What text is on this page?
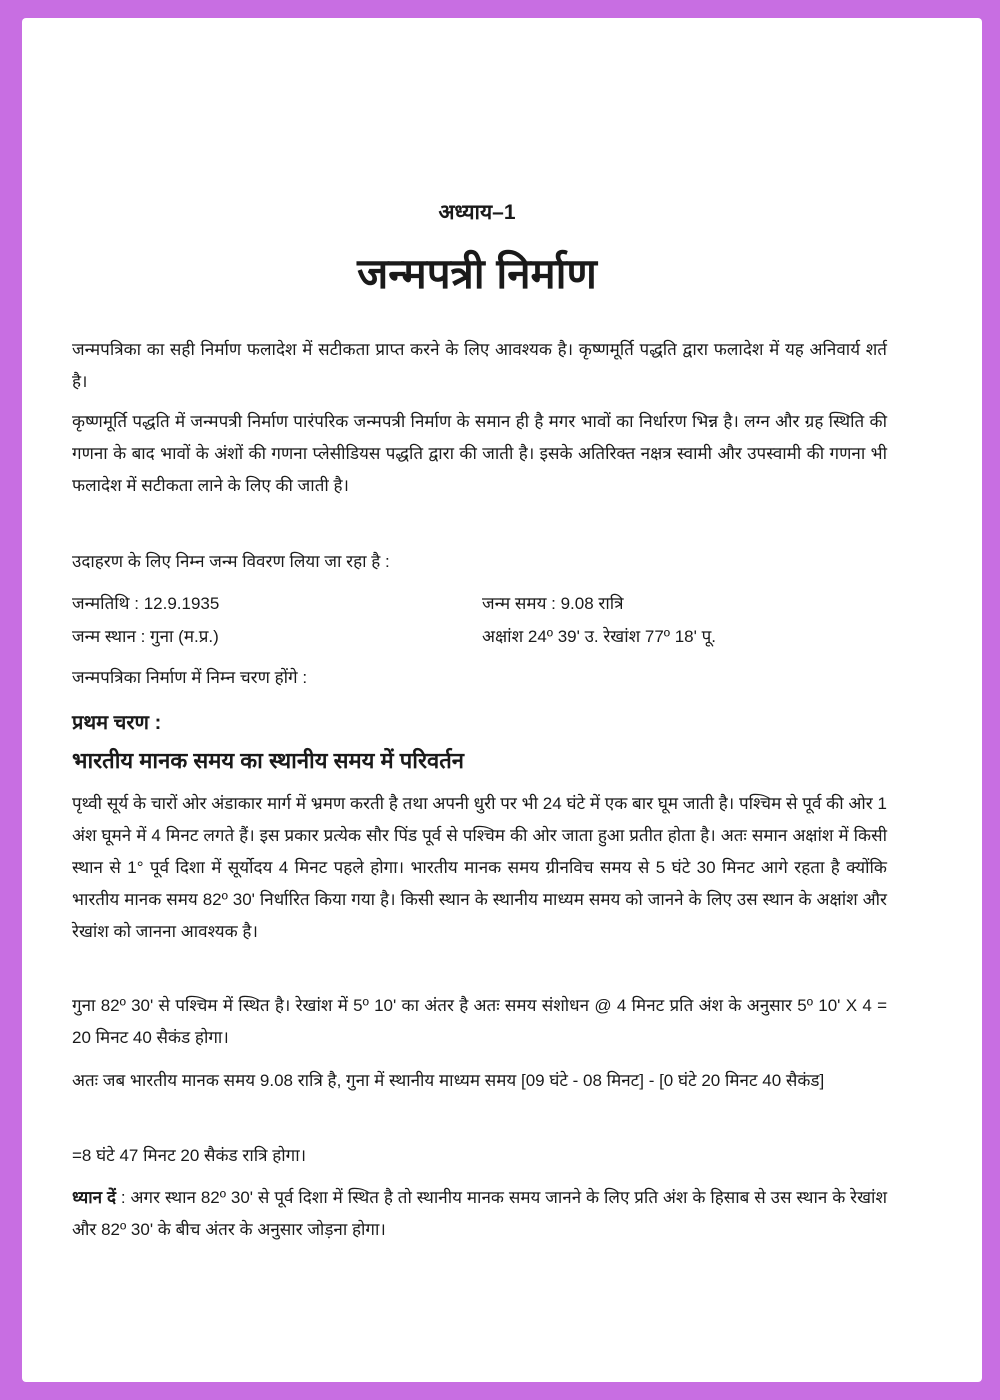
अध्याय–1
जन्मपत्री निर्माण
जन्मपत्रिका का सही निर्माण फलादेश में सटीकता प्राप्त करने के लिए आवश्यक है। कृष्णमूर्ति पद्धति द्वारा फलादेश में यह अनिवार्य शर्त है।
कृष्णमूर्ति पद्धति में जन्मपत्री निर्माण पारंपरिक जन्मपत्री निर्माण के समान ही है मगर भावों का निर्धारण भिन्न है। लग्न और ग्रह स्थिति की गणना के बाद भावों के अंशों की गणना प्लेसीडियस पद्धति द्वारा की जाती है। इसके अतिरिक्त नक्षत्र स्वामी और उपस्वामी की गणना भी फलादेश में सटीकता लाने के लिए की जाती है।
उदाहरण के लिए निम्न जन्म विवरण लिया जा रहा है :
जन्मतिथि : 12.9.1935	जन्म समय : 9.08 रात्रि
जन्म स्थान : गुना (म.प्र.)	अक्षांश 24º 39' उ. रेखांश 77º 18' पू.
जन्मपत्रिका निर्माण में निम्न चरण होंगे :
प्रथम चरण :
भारतीय मानक समय का स्थानीय समय में परिवर्तन
पृथ्वी सूर्य के चारों ओर अंडाकार मार्ग में भ्रमण करती है तथा अपनी धुरी पर भी 24 घंटे में एक बार घूम जाती है। पश्चिम से पूर्व की ओर 1 अंश घूमने में 4 मिनट लगते हैं। इस प्रकार प्रत्येक सौर पिंड पूर्व से पश्चिम की ओर जाता हुआ प्रतीत होता है। अतः समान अक्षांश में किसी स्थान से 1° पूर्व दिशा में सूर्योदय 4 मिनट पहले होगा। भारतीय मानक समय ग्रीनविच समय से 5 घंटे 30 मिनट आगे रहता है क्योंकि भारतीय मानक समय 82º 30' निर्धारित किया गया है। किसी स्थान के स्थानीय माध्यम समय को जानने के लिए उस स्थान के अक्षांश और रेखांश को जानना आवश्यक है।
गुना 82º 30' से पश्चिम में स्थित है। रेखांश में 5º 10' का अंतर है अतः समय संशोधन @ 4 मिनट प्रति अंश के अनुसार 5º 10' X 4 = 20 मिनट 40 सैकंड होगा।
अतः जब भारतीय मानक समय 9.08 रात्रि है, गुना में स्थानीय माध्यम समय [09 घंटे - 08 मिनट] - [0 घंटे 20 मिनट 40 सैकंड]
=8 घंटे 47 मिनट 20 सैकंड रात्रि होगा।
ध्यान दें : अगर स्थान 82º 30' से पूर्व दिशा में स्थित है तो स्थानीय मानक समय जानने के लिए प्रति अंश के हिसाब से उस स्थान के रेखांश और 82º 30' के बीच अंतर के अनुसार जोड़ना होगा।
